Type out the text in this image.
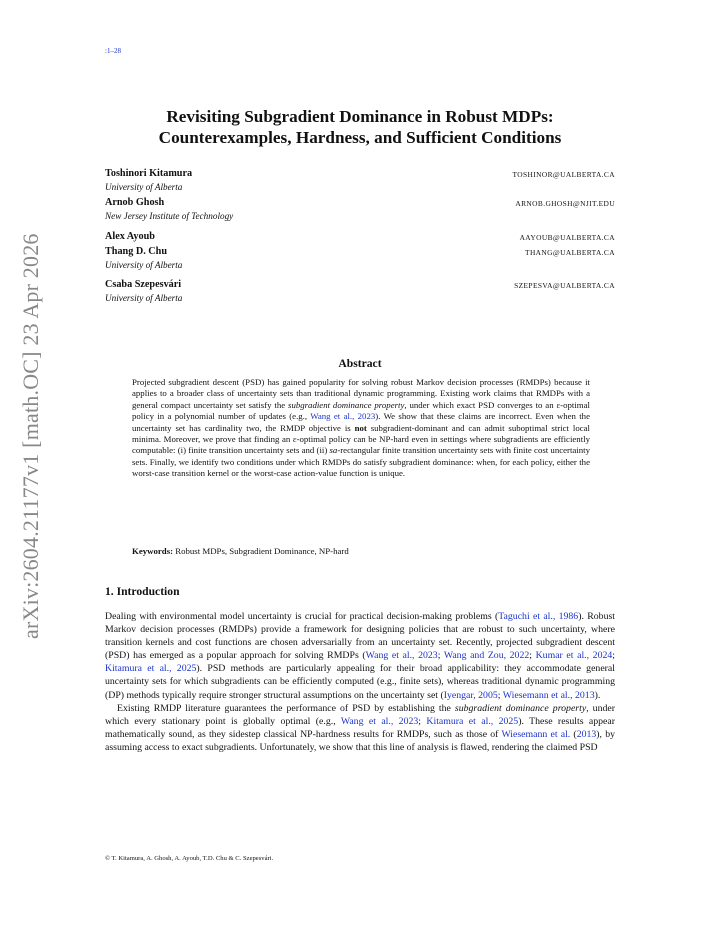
arXiv:2604.21177v1 [math.OC] 23 Apr 2026
:1–28
Revisiting Subgradient Dominance in Robust MDPs:
Counterexamples, Hardness, and Sufficient Conditions
Toshinori Kitamura	TOSHINOR@UALBERTA.CA
University of Alberta
Arnob Ghosh	ARNOB.GHOSH@NJIT.EDU
New Jersey Institute of Technology
Alex Ayoub	AAYOUB@UALBERTA.CA
Thang D. Chu	THANG@UALBERTA.CA
University of Alberta
Csaba Szepesvári	SZEPESVA@UALBERTA.CA
University of Alberta
Abstract

Projected subgradient descent (PSD) has gained popularity for solving robust Markov decision processes (RMDPs) because it applies to a broader class of uncertainty sets than traditional dynamic programming. Existing work claims that RMDPs with a general compact uncertainty set satisfy the subgradient dominance property, under which exact PSD converges to an ε-optimal policy in a polynomial number of updates (e.g., Wang et al., 2023). We show that these claims are incorrect. Even when the uncertainty set has cardinality two, the RMDP objective is not subgradient-dominant and can admit suboptimal strict local minima. Moreover, we prove that finding an ε-optimal policy can be NP-hard even in settings where subgradients are efficiently computable: (i) finite transition uncertainty sets and (ii) sa-rectangular finite transition uncertainty sets with finite cost uncertainty sets. Finally, we identify two conditions under which RMDPs do satisfy subgradient dominance: when, for each policy, either the worst-case transition kernel or the worst-case action-value function is unique.

Keywords: Robust MDPs, Subgradient Dominance, NP-hard
1. Introduction

Dealing with environmental model uncertainty is crucial for practical decision-making problems (Taguchi et al., 1986). Robust Markov decision processes (RMDPs) provide a framework for designing policies that are robust to such uncertainty, where transition kernels and cost functions are chosen adversarially from an uncertainty set. Recently, projected subgradient descent (PSD) has emerged as a popular approach for solving RMDPs (Wang et al., 2023; Wang and Zou, 2022; Kumar et al., 2024; Kitamura et al., 2025). PSD methods are particularly appealing for their broad applicability: they accommodate general uncertainty sets for which subgradients can be efficiently computed (e.g., finite sets), whereas traditional dynamic programming (DP) methods typically require stronger structural assumptions on the uncertainty set (Iyengar, 2005; Wiesemann et al., 2013).

Existing RMDP literature guarantees the performance of PSD by establishing the subgradient dominance property, under which every stationary point is globally optimal (e.g., Wang et al., 2023; Kitamura et al., 2025). These results appear mathematically sound, as they sidestep classical NP-hardness results for RMDPs, such as those of Wiesemann et al. (2013), by assuming access to exact subgradients. Unfortunately, we show that this line of analysis is flawed, rendering the claimed PSD

© T. Kitamura, A. Ghosh, A. Ayoub, T.D. Chu & C. Szepesvári.
